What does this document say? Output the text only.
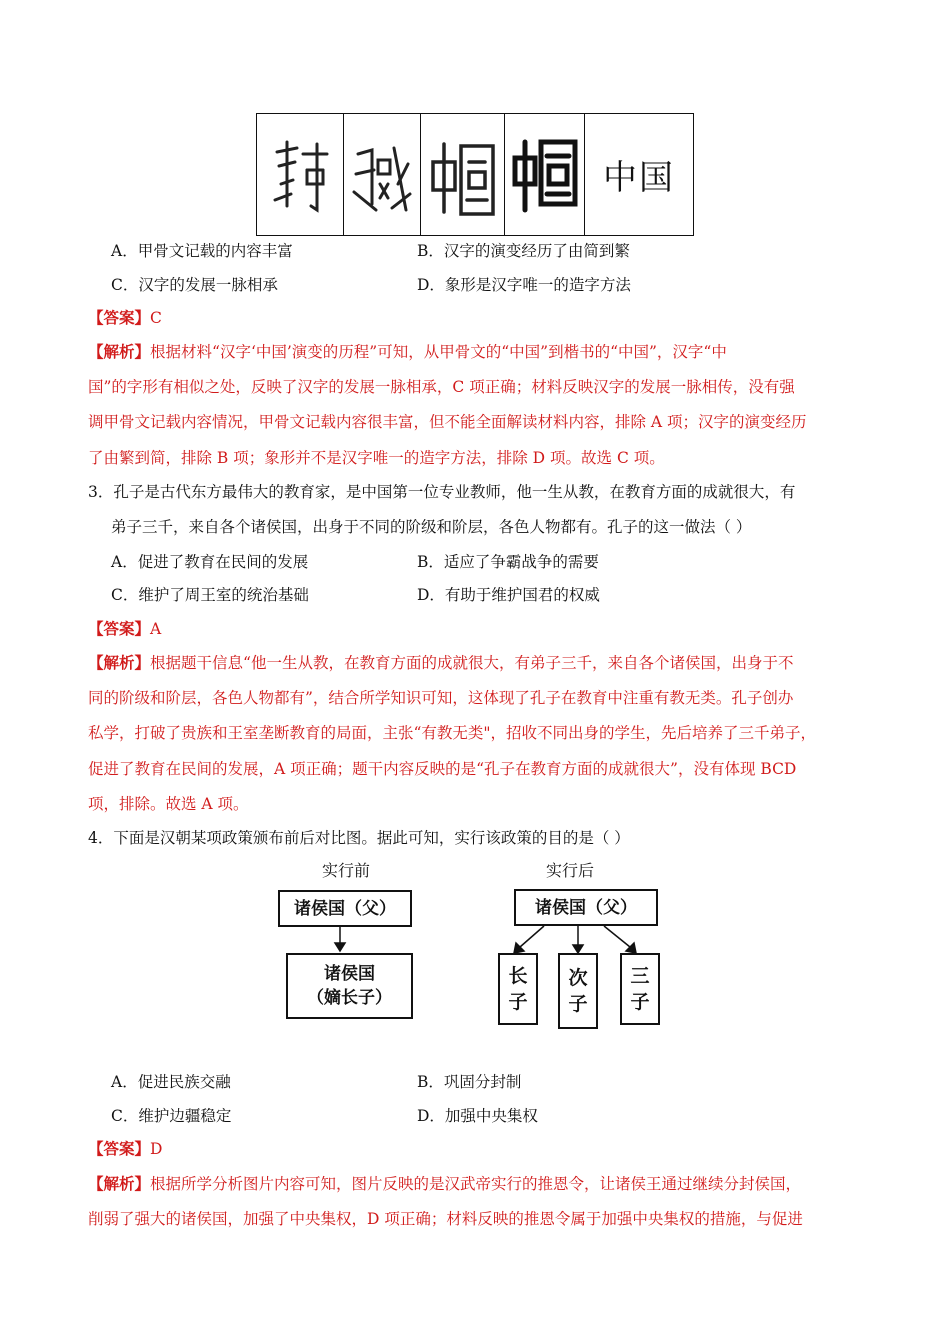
中国
A．甲骨文记载的内容丰富	B．汉字的演变经历了由简到繁
C．汉字的发展一脉相承	D．象形是汉字唯一的造字方法
【答案】C
【解析】根据材料“汉字‘中国’演变的历程”可知，从甲骨文的“中国”到楷书的“中国”，汉字“中
国”的字形有相似之处，反映了汉字的发展一脉相承，C 项正确；材料反映汉字的发展一脉相传，没有强
调甲骨文记载内容情况，甲骨文记载内容很丰富，但不能全面解读材料内容，排除 A 项；汉字的演变经历
了由繁到简，排除 B 项；象形并不是汉字唯一的造字方法，排除 D 项。故选 C 项。
3．孔子是古代东方最伟大的教育家，是中国第一位专业教师，他一生从教，在教育方面的成就很大，有
弟子三千，来自各个诸侯国，出身于不同的阶级和阶层，各色人物都有。孔子的这一做法（ ）
A．促进了教育在民间的发展	B．适应了争霸战争的需要
C．维护了周王室的统治基础	D．有助于维护国君的权威
【答案】A
【解析】根据题干信息“他一生从教，在教育方面的成就很大，有弟子三千，来自各个诸侯国，出身于不
同的阶级和阶层，各色人物都有”，结合所学知识可知，这体现了孔子在教育中注重有教无类。孔子创办
私学，打破了贵族和王室垄断教育的局面，主张“有教无类"，招收不同出身的学生，先后培养了三千弟子，
促进了教育在民间的发展，A 项正确；题干内容反映的是“孔子在教育方面的成就很大”，没有体现 BCD
项，排除。故选 A 项。
4．下面是汉朝某项政策颁布前后对比图。据此可知，实行该政策的目的是（ ）
实行前	实行后
诸侯国（父）
诸侯国
（嫡长子）
诸侯国（父）
长
子
次
子
三
子
A．促进民族交融	B．巩固分封制
C．维护边疆稳定	D．加强中央集权
【答案】D
【解析】根据所学分析图片内容可知，图片反映的是汉武帝实行的推恩令，让诸侯王通过继续分封侯国，
削弱了强大的诸侯国，加强了中央集权，D 项正确；材料反映的推恩令属于加强中央集权的措施，与促进
